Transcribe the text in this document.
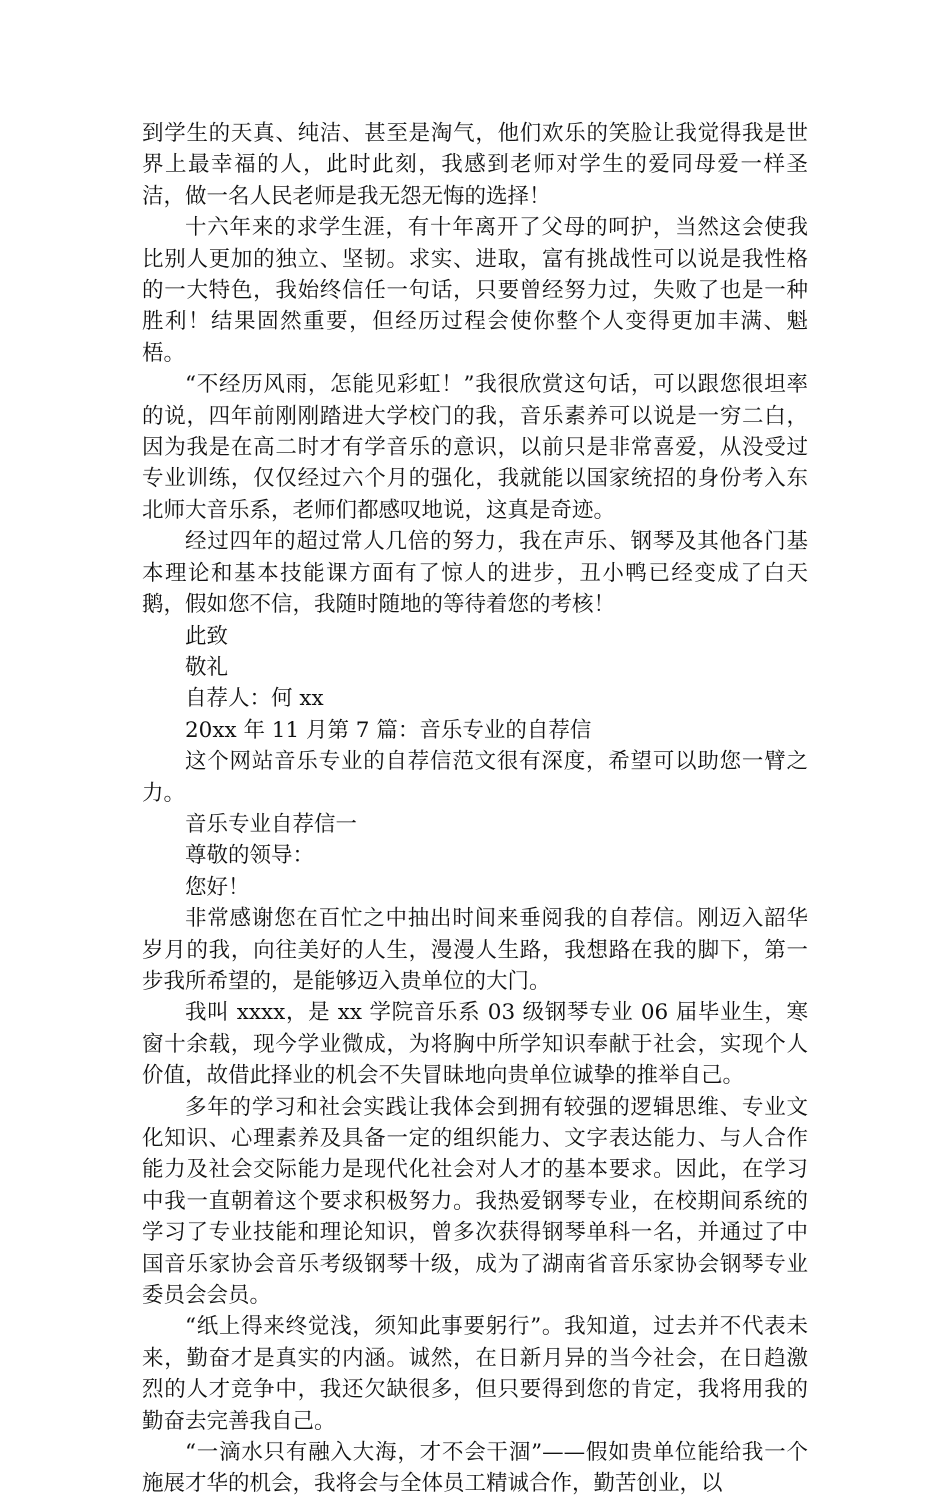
到学生的天真、纯洁、甚至是淘气，他们欢乐的笑脸让我觉得我是世界上最幸福的人，此时此刻，我感到老师对学生的爱同母爱一样圣洁，做一名人民老师是我无怨无悔的选择！

十六年来的求学生涯，有十年离开了父母的呵护，当然这会使我比别人更加的独立、坚韧。求实、进取，富有挑战性可以说是我性格的一大特色，我始终信任一句话，只要曾经努力过，失败了也是一种胜利！结果固然重要，但经历过程会使你整个人变得更加丰满、魁梧。

“不经历风雨，怎能见彩虹！”我很欣赏这句话，可以跟您很坦率的说，四年前刚刚踏进大学校门的我，音乐素养可以说是一穷二白，因为我是在高二时才有学音乐的意识，以前只是非常喜爱，从没受过专业训练，仅仅经过六个月的强化，我就能以国家统招的身份考入东北师大音乐系，老师们都感叹地说，这真是奇迹。

经过四年的超过常人几倍的努力，我在声乐、钢琴及其他各门基本理论和基本技能课方面有了惊人的进步，丑小鸭已经变成了白天鹅，假如您不信，我随时随地的等待着您的考核！

此致

敬礼

自荐人：何 xx

20xx 年 11 月第 7 篇：音乐专业的自荐信

这个网站音乐专业的自荐信范文很有深度，希望可以助您一臂之力。

音乐专业自荐信一

尊敬的领导：

您好！

非常感谢您在百忙之中抽出时间来垂阅我的自荐信。刚迈入韶华岁月的我，向往美好的人生，漫漫人生路，我想路在我的脚下，第一步我所希望的，是能够迈入贵单位的大门。

我叫 xxxx，是 xx 学院音乐系 03 级钢琴专业 06 届毕业生，寒窗十余载，现今学业微成，为将胸中所学知识奉献于社会，实现个人价值，故借此择业的机会不失冒昧地向贵单位诚挚的推举自己。

多年的学习和社会实践让我体会到拥有较强的逻辑思维、专业文化知识、心理素养及具备一定的组织能力、文字表达能力、与人合作能力及社会交际能力是现代化社会对人才的基本要求。因此，在学习中我一直朝着这个要求积极努力。我热爱钢琴专业，在校期间系统的学习了专业技能和理论知识，曾多次获得钢琴单科一名，并通过了中国音乐家协会音乐考级钢琴十级，成为了湖南省音乐家协会钢琴专业委员会会员。

“纸上得来终觉浅，须知此事要躬行”。我知道，过去并不代表未来，勤奋才是真实的内涵。诚然，在日新月异的当今社会，在日趋激烈的人才竞争中，我还欠缺很多，但只要得到您的肯定，我将用我的勤奋去完善我自己。

“一滴水只有融入大海，才不会干涸”——假如贵单位能给我一个施展才华的机会，我将会与全体员工精诚合作，勤苦创业，以
